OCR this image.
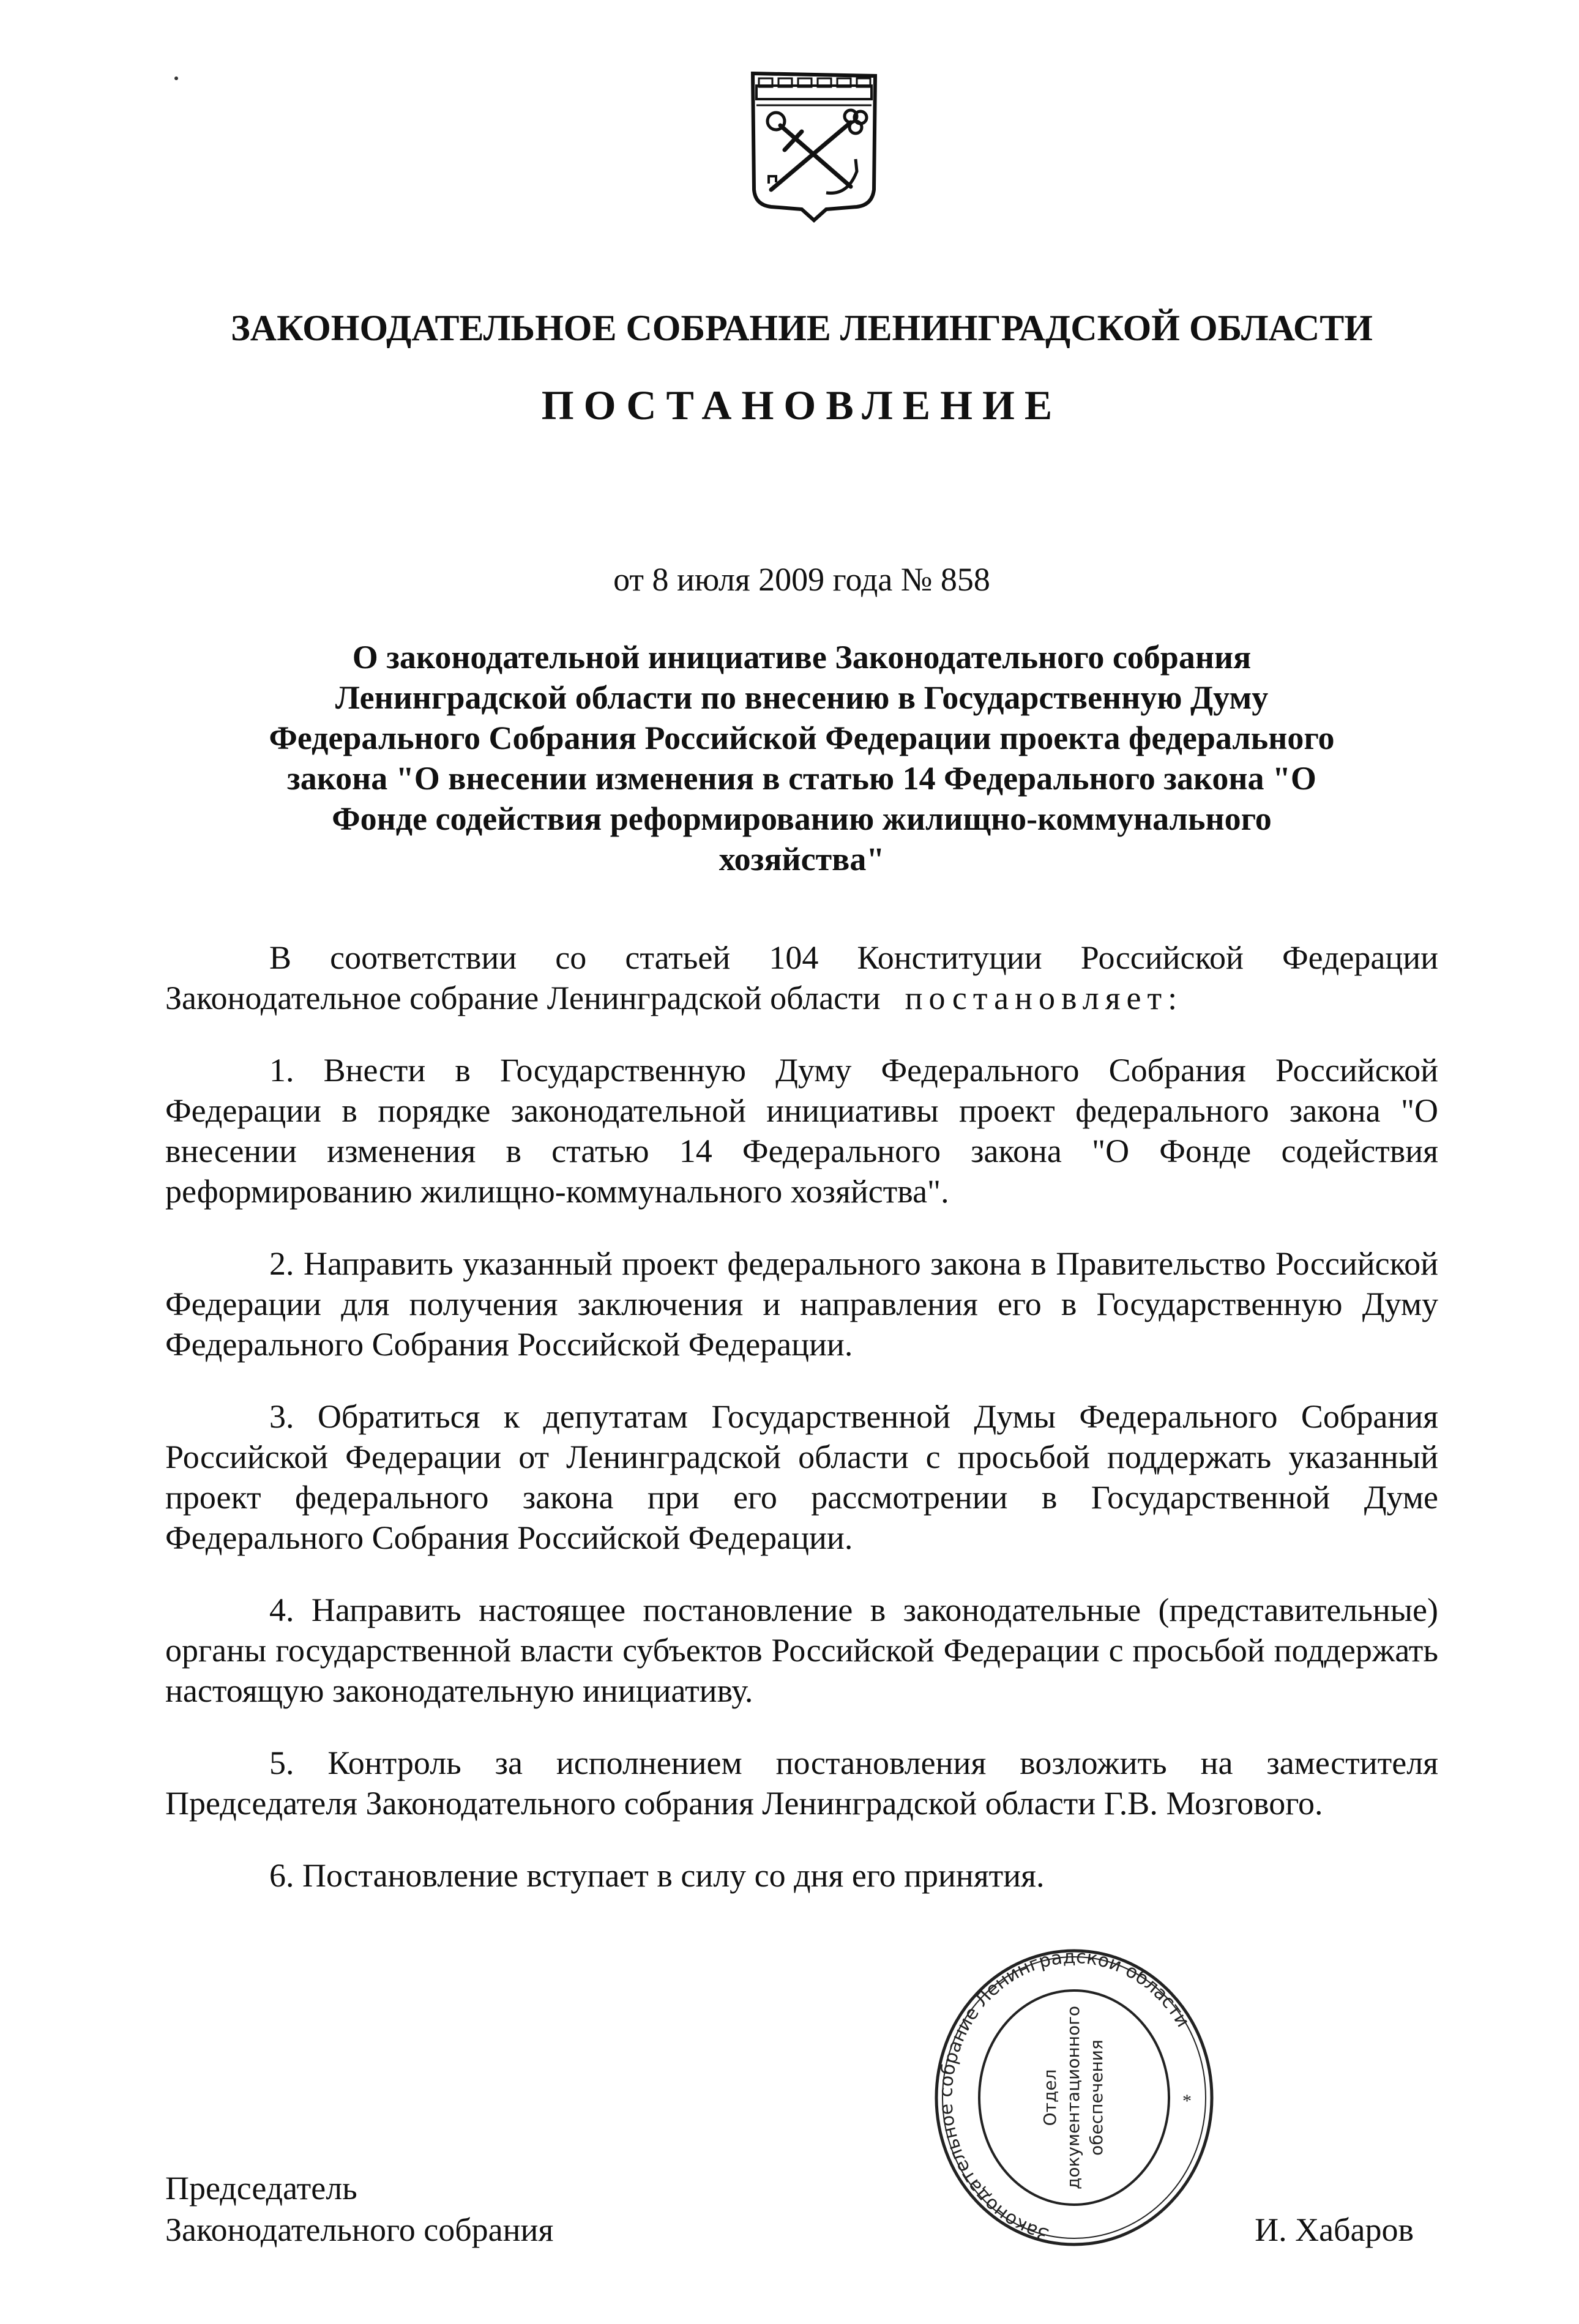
ЗАКОНОДАТЕЛЬНОЕ СОБРАНИЕ ЛЕНИНГРАДСКОЙ ОБЛАСТИ
ПОСТАНОВЛЕНИЕ
от 8 июля 2009 года № 858
О законодательной инициативе Законодательного собрания Ленинградской области по внесению в Государственную Думу Федерального Собрания Российской Федерации проекта федерального закона "О внесении изменения в статью 14 Федерального закона "О Фонде содействия реформированию жилищно-коммунального хозяйства"

В соответствии со статьей 104 Конституции Российской Федерации Законодательное собрание Ленинградской области постановляет:

1. Внести в Государственную Думу Федерального Собрания Российской Федерации в порядке законодательной инициативы проект федерального закона "О внесении изменения в статью 14 Федерального закона "О Фонде содействия реформированию жилищно-коммунального хозяйства".

2. Направить указанный проект федерального закона в Правительство Российской Федерации для получения заключения и направления его в Государственную Думу Федерального Собрания Российской Федерации.

3. Обратиться к депутатам Государственной Думы Федерального Собрания Российской Федерации от Ленинградской области с просьбой поддержать указанный проект федерального закона при его рассмотрении в Государственной Думе Федерального Собрания Российской Федерации.

4. Направить настоящее постановление в законодательные (представительные) органы государственной власти субъектов Российской Федерации с просьбой поддержать настоящую законодательную инициативу.

5. Контроль за исполнением постановления возложить на заместителя Председателя Законодательного собрания Ленинградской области Г.В. Мозгового.

6. Постановление вступает в силу со дня его принятия.

Председатель
Законодательного собрания	Законодательное собрание Ленинградской области
Отдел документационного обеспечения	*
И. Хабаров
